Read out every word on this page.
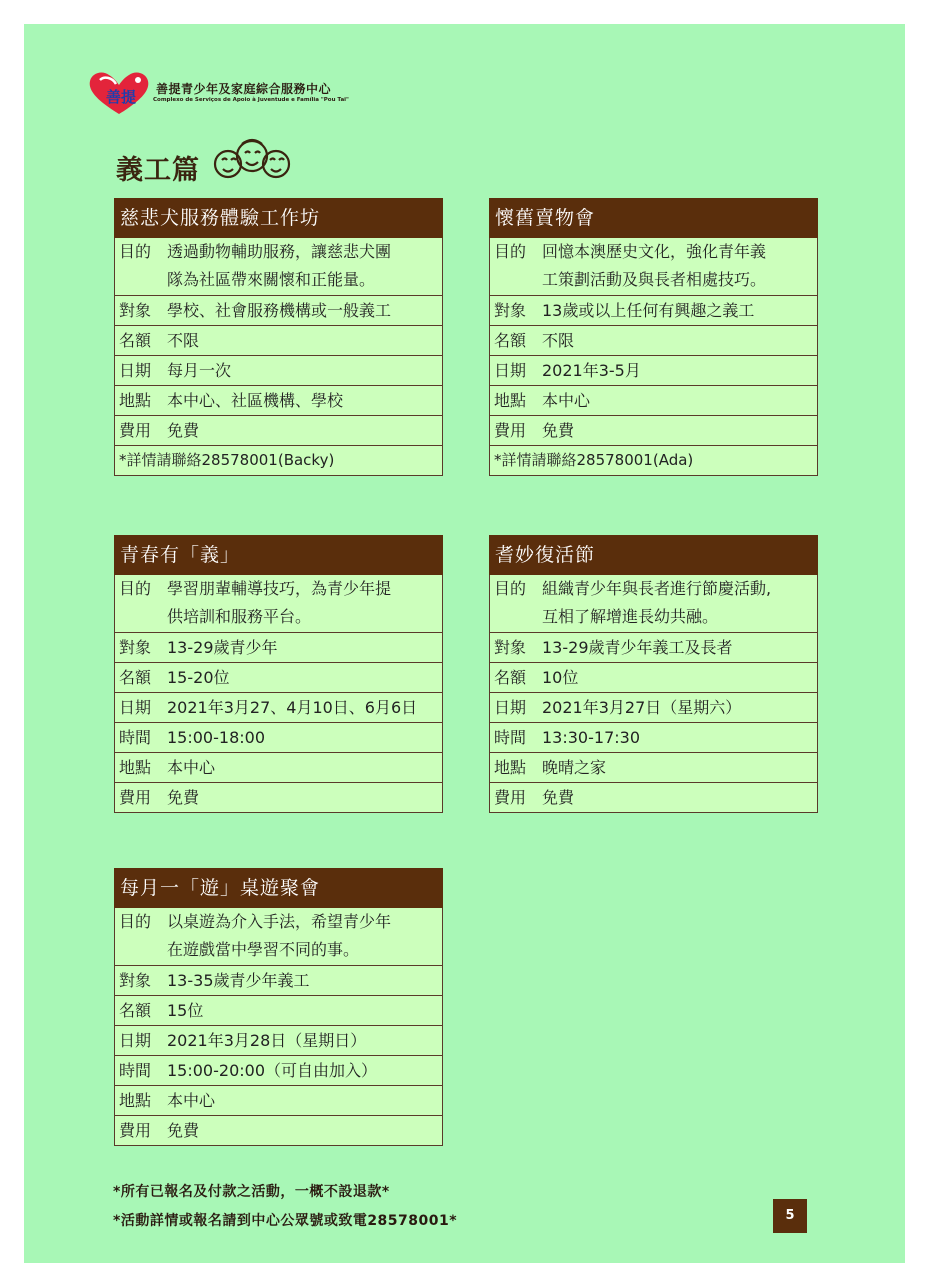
善提 善提青少年及家庭綜合服務中心
Complexo de Serviços de Apoio à Juventude e Família "Pou Tai"
義工篇
慈悲犬服務體驗工作坊
目的 透過動物輔助服務，讓慈悲犬團
隊為社區帶來關懷和正能量。
對象 學校、社會服務機構或一般義工
名額 不限
日期 每月一次
地點 本中心、社區機構、學校
費用 免費
*詳情請聯絡28578001(Backy)
懷舊賣物會
目的 回憶本澳歷史文化，強化青年義
工策劃活動及與長者相處技巧。
對象 13歲或以上任何有興趣之義工
名額 不限
日期 2021年3-5月
地點 本中心
費用 免費
*詳情請聯絡28578001(Ada)
青春有「義」
目的 學習朋輩輔導技巧，為青少年提
供培訓和服務平台。
對象 13-29歲青少年
名額 15-20位
日期 2021年3月27、4月10日、6月6日
時間 15:00-18:00
地點 本中心
費用 免費
耆妙復活節
目的 組織青少年與長者進行節慶活動,
互相了解增進長幼共融。
對象 13-29歲青少年義工及長者
名額 10位
日期 2021年3月27日（星期六）
時間 13:30-17:30
地點 晚晴之家
費用 免費
每月一「遊」桌遊聚會
目的 以桌遊為介入手法，希望青少年
在遊戲當中學習不同的事。
對象 13-35歲青少年義工
名額 15位
日期 2021年3月28日（星期日）
時間 15:00-20:00（可自由加入）
地點 本中心
費用 免費
*所有已報名及付款之活動，一概不設退款*
*活動詳情或報名請到中心公眾號或致電28578001*	5
